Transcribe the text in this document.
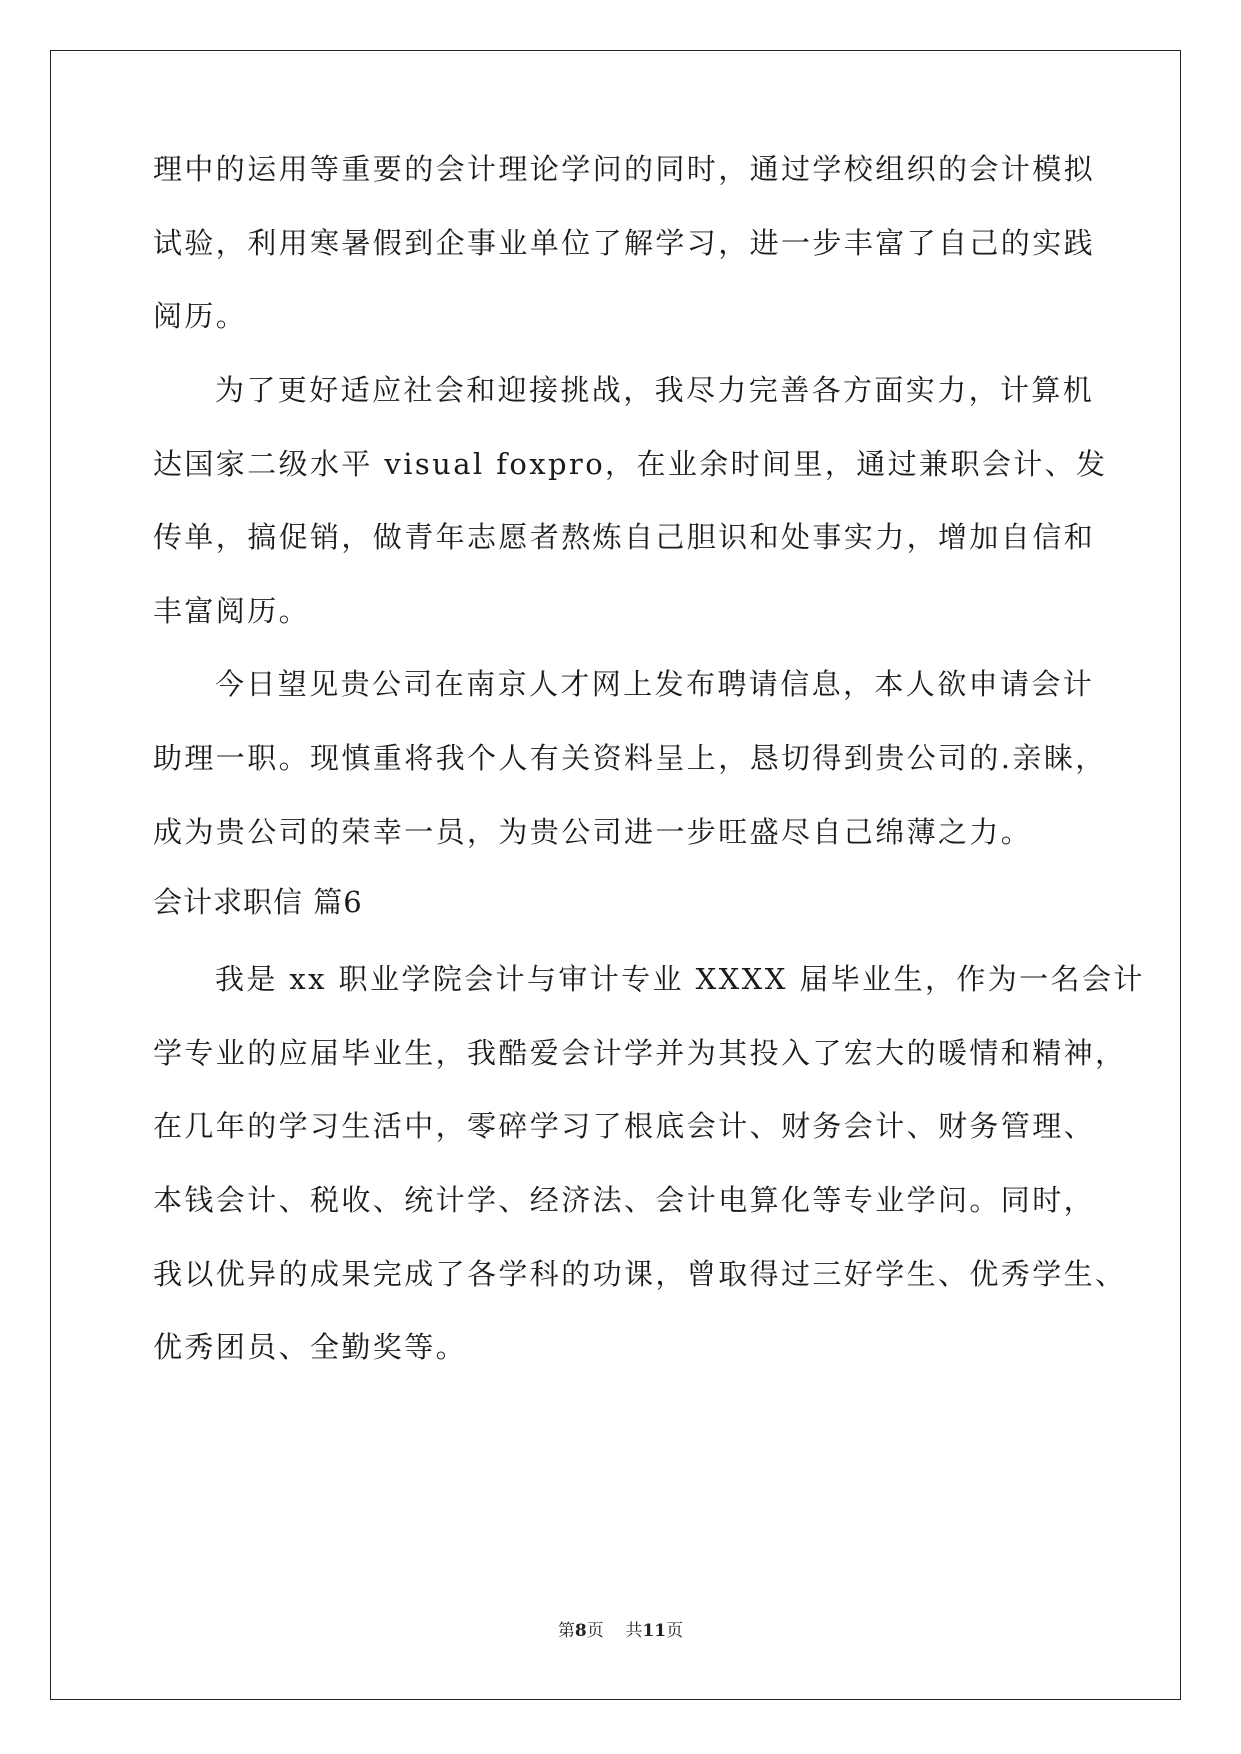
理中的运用等重要的会计理论学问的同时，通过学校组织的会计模拟
试验，利用寒暑假到企事业单位了解学习，进一步丰富了自己的实践
阅历。
为了更好适应社会和迎接挑战，我尽力完善各方面实力，计算机
达国家二级水平 visual foxpro，在业余时间里，通过兼职会计、发
传单，搞促销，做青年志愿者熬炼自己胆识和处事实力，增加自信和
丰富阅历。
今日望见贵公司在南京人才网上发布聘请信息，本人欲申请会计
助理一职。现慎重将我个人有关资料呈上，恳切得到贵公司的.亲睐，
成为贵公司的荣幸一员，为贵公司进一步旺盛尽自己绵薄之力。
会计求职信 篇6
我是 xx 职业学院会计与审计专业 XXXX 届毕业生，作为一名会计
学专业的应届毕业生，我酷爱会计学并为其投入了宏大的暖情和精神，
在几年的学习生活中，零碎学习了根底会计、财务会计、财务管理、
本钱会计、税收、统计学、经济法、会计电算化等专业学问。同时，
我以优异的成果完成了各学科的功课，曾取得过三好学生、优秀学生、
优秀团员、全勤奖等。
第8页 共11页
